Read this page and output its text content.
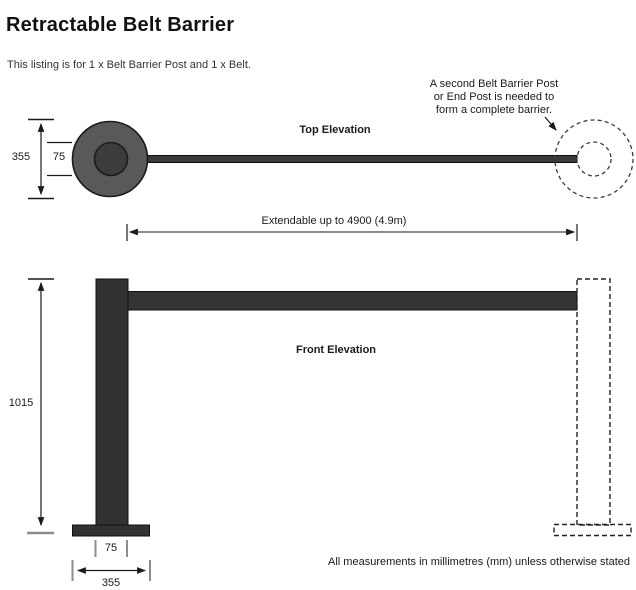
Retractable Belt Barrier
This listing is for 1 x Belt Barrier Post and 1 x Belt.
A second Belt Barrier Post
or End Post is needed to
form a complete barrier.
Top Elevation
355	75
Extendable up to 4900 (4.9m)
Front Elevation
1015
75
355
All measurements in millimetres (mm) unless otherwise stated
